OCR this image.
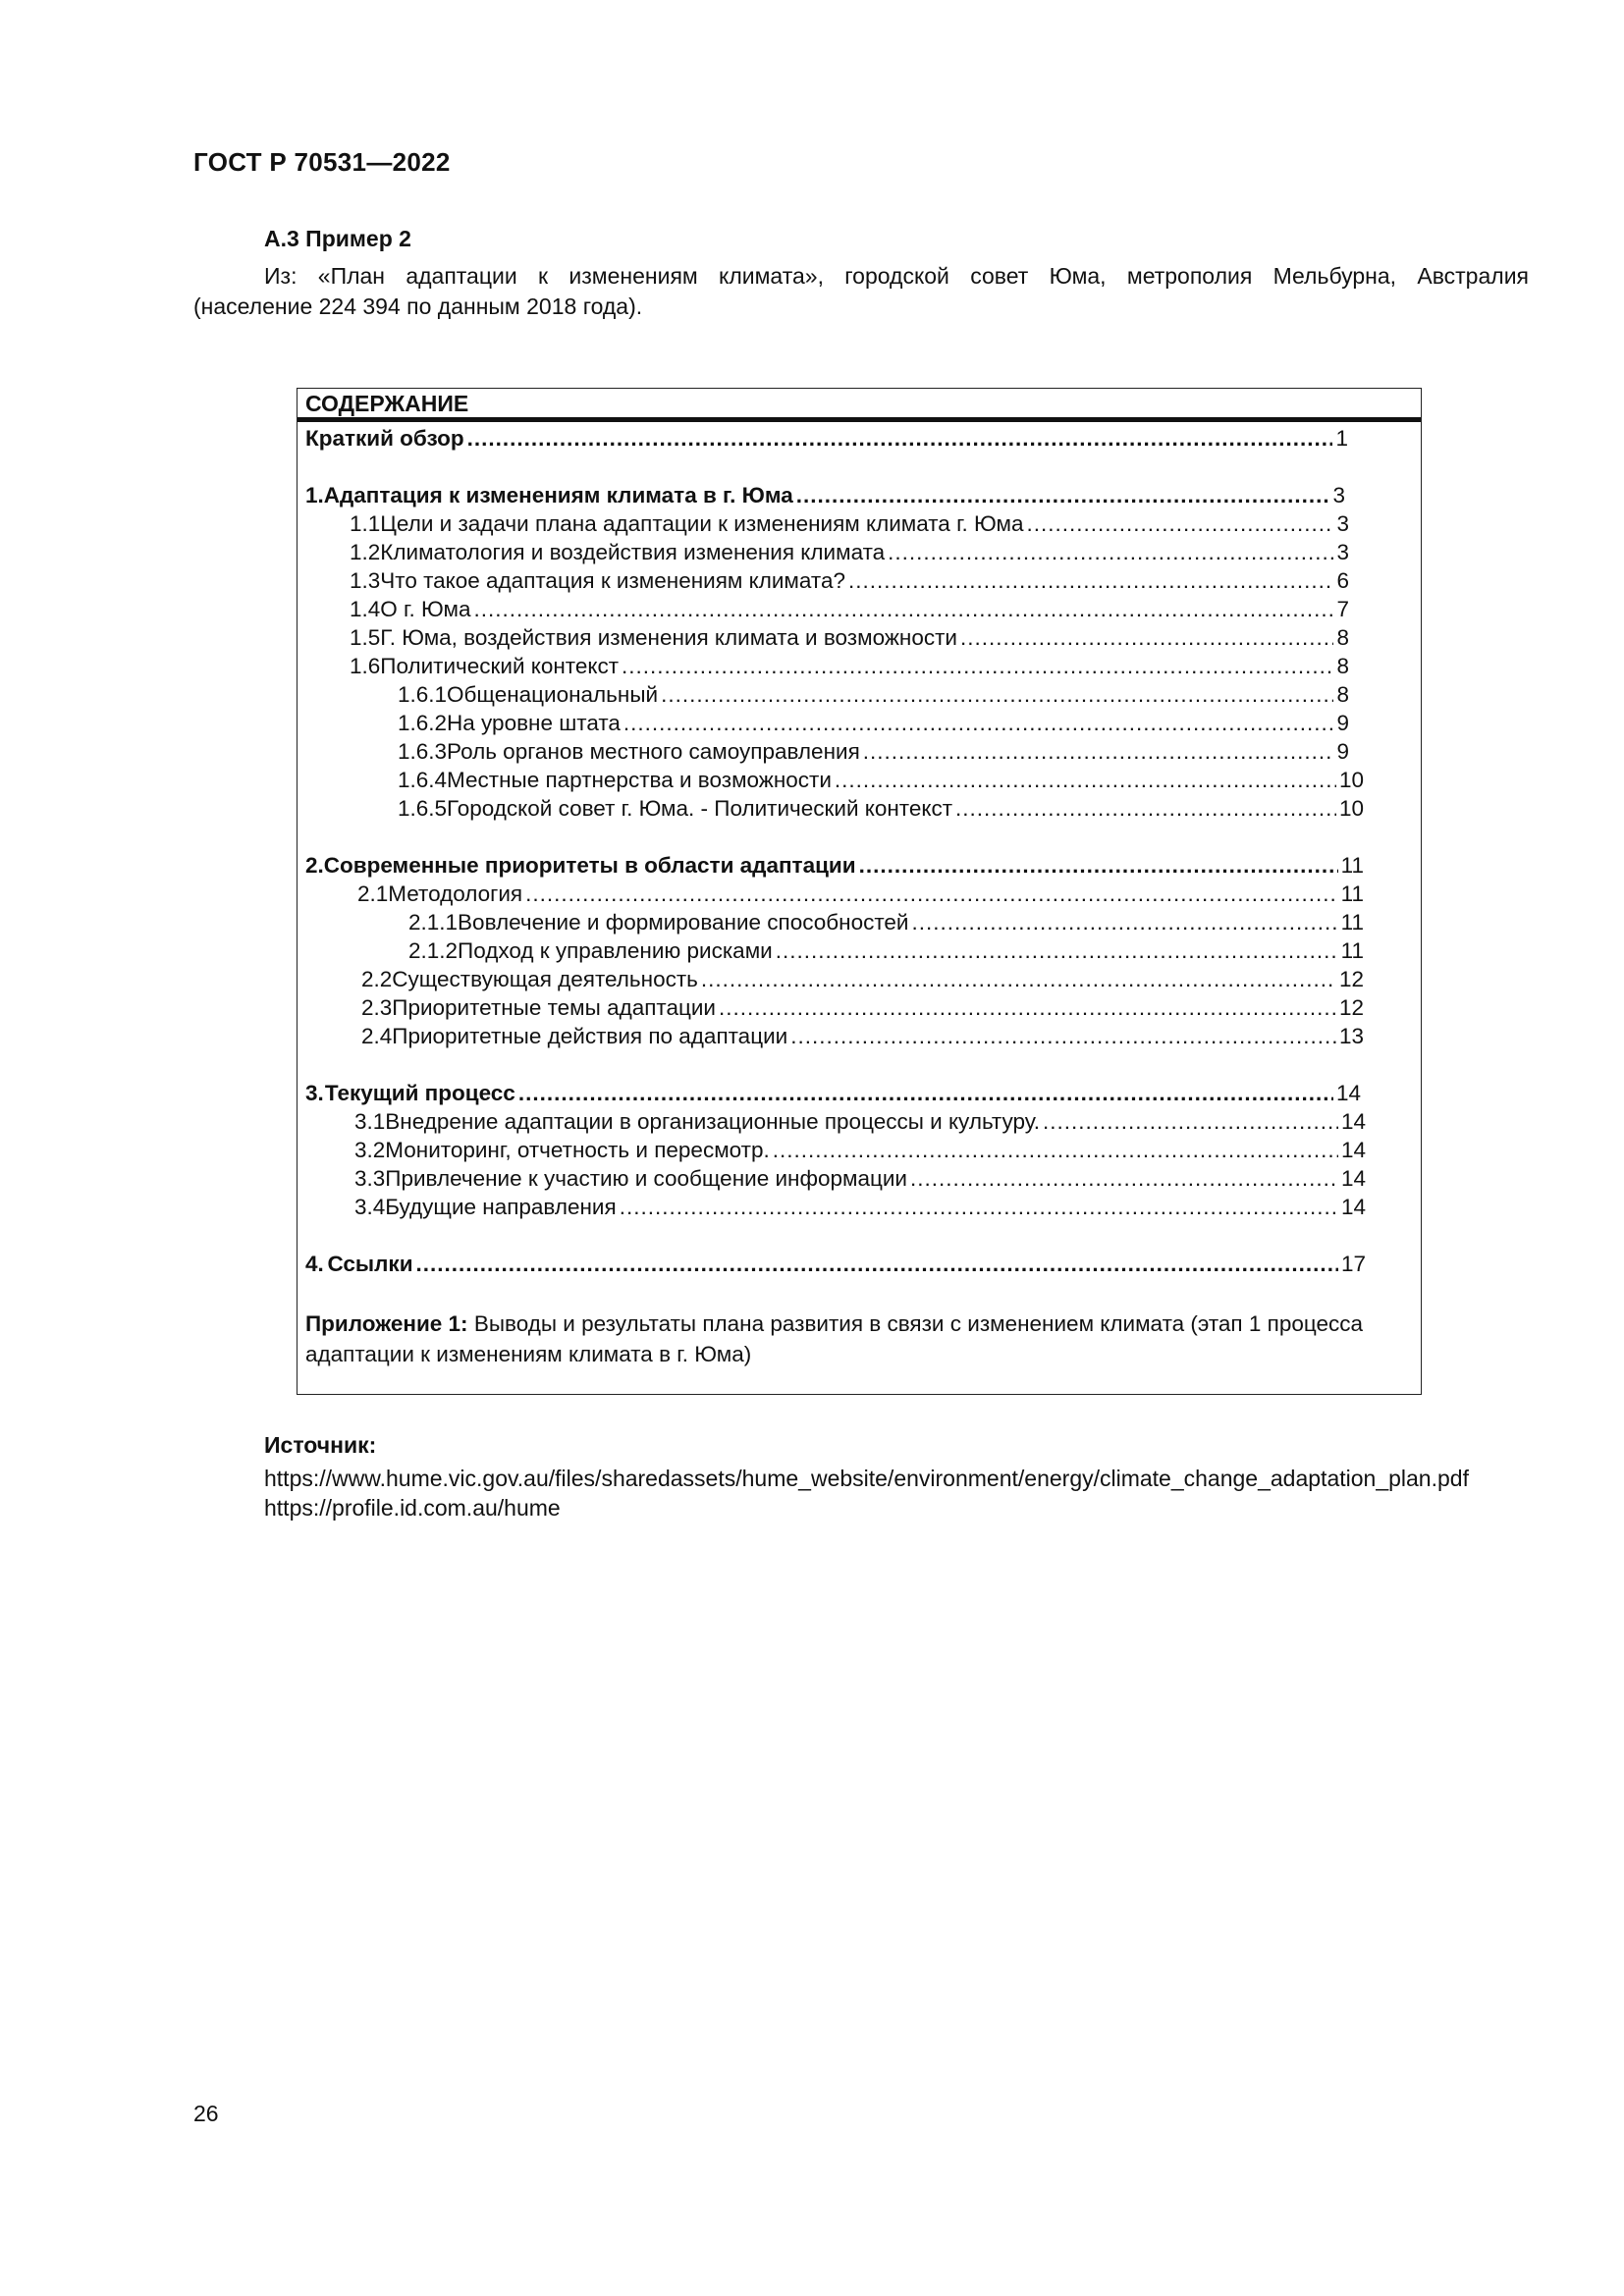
ГОСТ Р 70531—2022
А.3 Пример 2
Из: «План адаптации к изменениям климата», городской совет Юма, метрополия Мельбурна, Австралия
(население 224 394 по данным 2018 года).
СОДЕРЖАНИЕ
Краткий обзор .....	1
1. Адаптация к изменениям климата в г. Юма .....	3
1.1 Цели и задачи плана адаптации к изменениям климата г. Юма .....	3
1.2 Климатология и воздействия изменения климата .....	3
1.3 Что такое адаптация к изменениям климата? .....	6
1.4 О г. Юма .....	7
1.5 Г. Юма, воздействия изменения климата и возможности .....	8
1.6 Политический контекст .....	8
1.6.1 Общенациональный .....	8
1.6.2 На уровне штата .....	9
1.6.3 Роль органов местного самоуправления .....	9
1.6.4 Местные партнерства и возможности .....	10
1.6.5 Городской совет г. Юма. - Политический контекст .....	10
2. Современные приоритеты в области адаптации .....	11
2.1 Методология .....	11
2.1.1 Вовлечение и формирование способностей .....	11
2.1.2 Подход к управлению рисками .....	11
2.2 Существующая деятельность .....	12
2.3 Приоритетные темы адаптации .....	12
2.4 Приоритетные действия по адаптации .....	13
3. Текущий процесс .....	14
3.1 Внедрение адаптации в организационные процессы и культуру. .....	14
3.2 Мониторинг, отчетность и пересмотр. .....	14
3.3 Привлечение к участию и сообщение информации .....	14
3.4 Будущие направления .....	14
4. Ссылки .....	17
Приложение 1: Выводы и результаты плана развития в связи с изменением климата (этап 1 процесса адаптации к изменениям климата в г. Юма)
Источник:
https://www.hume.vic.gov.au/files/sharedassets/hume_website/environment/energy/climate_change_adaptation_plan.pdf
https://profile.id.com.au/hume
26
